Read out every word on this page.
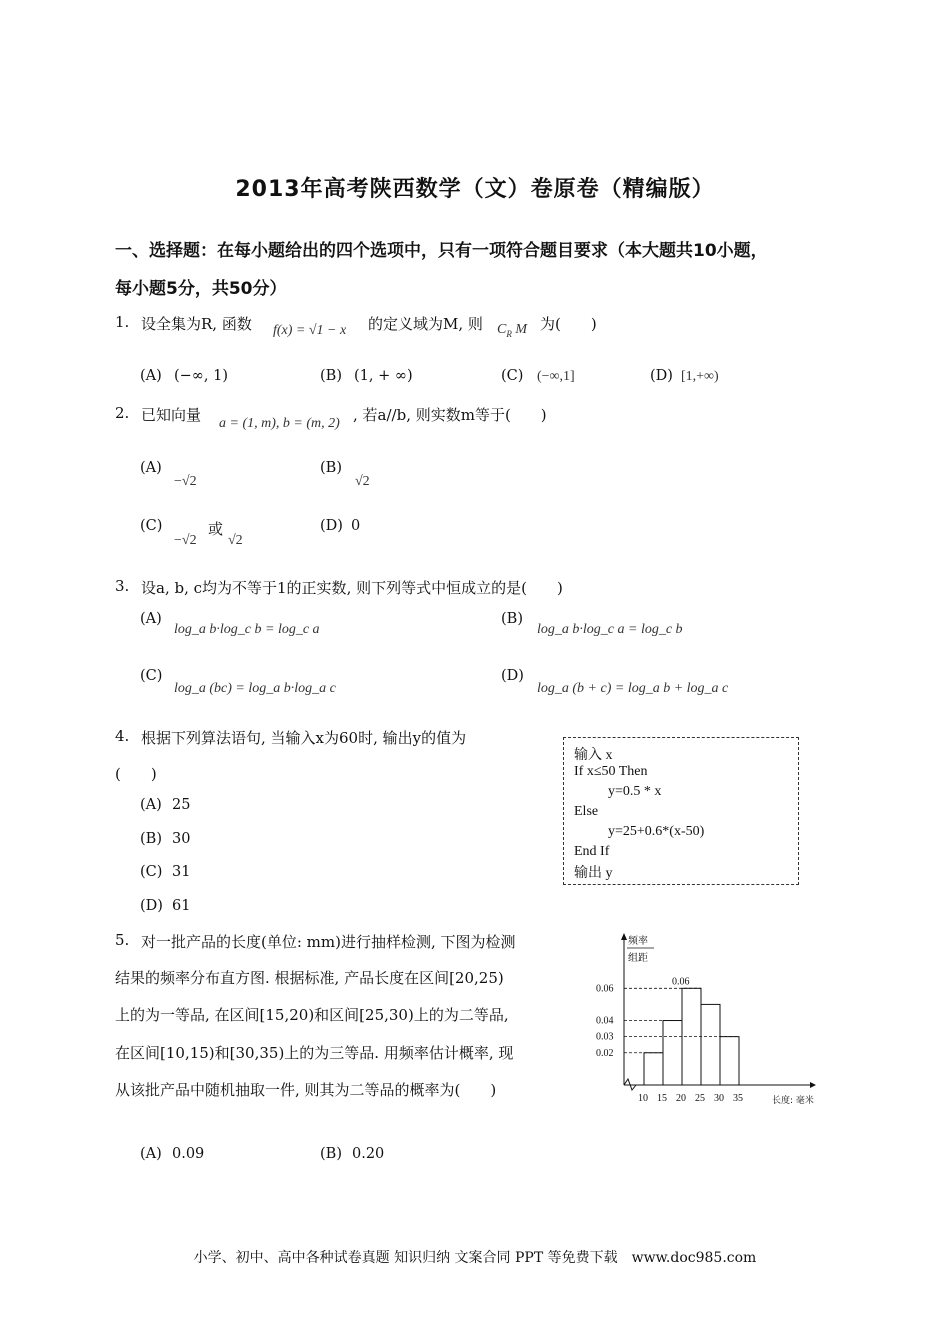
2013年高考陕西数学（文）卷原卷（精编版）
一、选择题：在每小题给出的四个选项中，只有一项符合题目要求（本大题共10小题，
每小题5分，共50分）
1. 设全集为R, 函数 f(x) = √1 − x 的定义域为M, 则 $C_R$ M 为(　　)
(A) (−∞, 1)	(B) (1, + ∞)	(C) (−∞,1]	(D) [1,+∞)
2. 已知向量 a = (1, m), b = (m, 2) , 若a//b, 则实数m等于(　　)
(A)
−√2
(B)
√2
(C)
−√2
或
√2
(D) 0
3. 设a, b, c均为不等于1的正实数, 则下列等式中恒成立的是(　　)
(A)
log_a b·log_c b = log_c a
(B)
log_a b·log_c a = log_c b
(C)
log_a (bc) = log_a b·log_a c
(D)
log_a (b + c) = log_a b + log_a c
4. 根据下列算法语句, 当输入x为60时, 输出y的值为
(　　)
(A) 25
(B) 30
(C) 31
(D) 61
输入 x
If x≤50 Then
y=0.5 * x
Else
y=25+0.6*(x-50)
End If
输出 y
5. 对一批产品的长度(单位: mm)进行抽样检测, 下图为检测
结果的频率分布直方图. 根据标准, 产品长度在区间[20,25)
上的为一等品, 在区间[15,20)和区间[25,30)上的为二等品,
在区间[10,15)和[30,35)上的为三等品. 用频率估计概率, 现
从该批产品中随机抽取一件, 则其为二等品的概率为(　　)
(A) 0.09	(B) 0.20
频率
组距
长度: 毫米
0.02
0.03
0.04
0.06
10 15 20 25 30 35
0.06
小学、初中、高中各种试卷真题 知识归纳 文案合同 PPT 等免费下载　www.doc985.com
